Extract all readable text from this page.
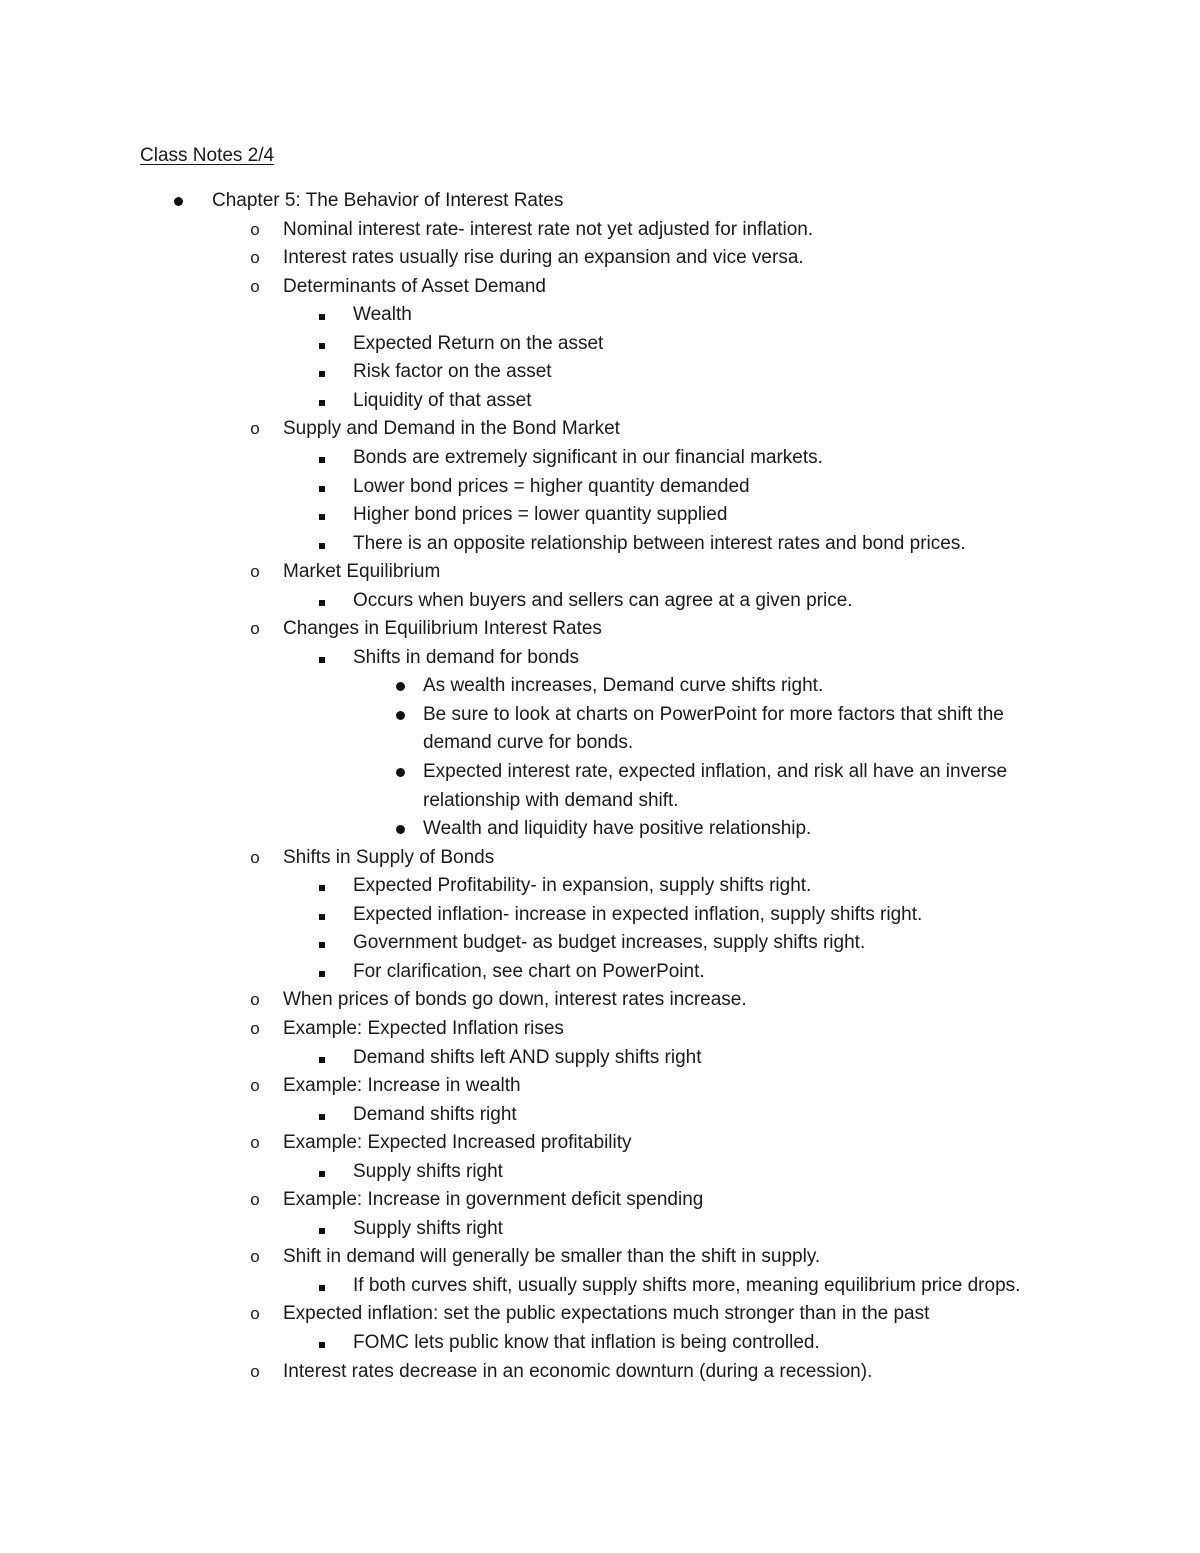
Class Notes 2/4
Chapter 5: The Behavior of Interest Rates
o Nominal interest rate- interest rate not yet adjusted for inflation.
o Interest rates usually rise during an expansion and vice versa.
o Determinants of Asset Demand
Wealth
Expected Return on the asset
Risk factor on the asset
Liquidity of that asset
o Supply and Demand in the Bond Market
Bonds are extremely significant in our financial markets.
Lower bond prices = higher quantity demanded
Higher bond prices = lower quantity supplied
There is an opposite relationship between interest rates and bond prices.
o Market Equilibrium
Occurs when buyers and sellers can agree at a given price.
o Changes in Equilibrium Interest Rates
Shifts in demand for bonds
As wealth increases, Demand curve shifts right.
Be sure to look at charts on PowerPoint for more factors that shift the
demand curve for bonds.
Expected interest rate, expected inflation, and risk all have an inverse
relationship with demand shift.
Wealth and liquidity have positive relationship.
o Shifts in Supply of Bonds
Expected Profitability- in expansion, supply shifts right.
Expected inflation- increase in expected inflation, supply shifts right.
Government budget- as budget increases, supply shifts right.
For clarification, see chart on PowerPoint.
o When prices of bonds go down, interest rates increase.
o Example: Expected Inflation rises
Demand shifts left AND supply shifts right
o Example: Increase in wealth
Demand shifts right
o Example: Expected Increased profitability
Supply shifts right
o Example: Increase in government deficit spending
Supply shifts right
o Shift in demand will generally be smaller than the shift in supply.
If both curves shift, usually supply shifts more, meaning equilibrium price drops.
o Expected inflation: set the public expectations much stronger than in the past
FOMC lets public know that inflation is being controlled.
o Interest rates decrease in an economic downturn (during a recession).
